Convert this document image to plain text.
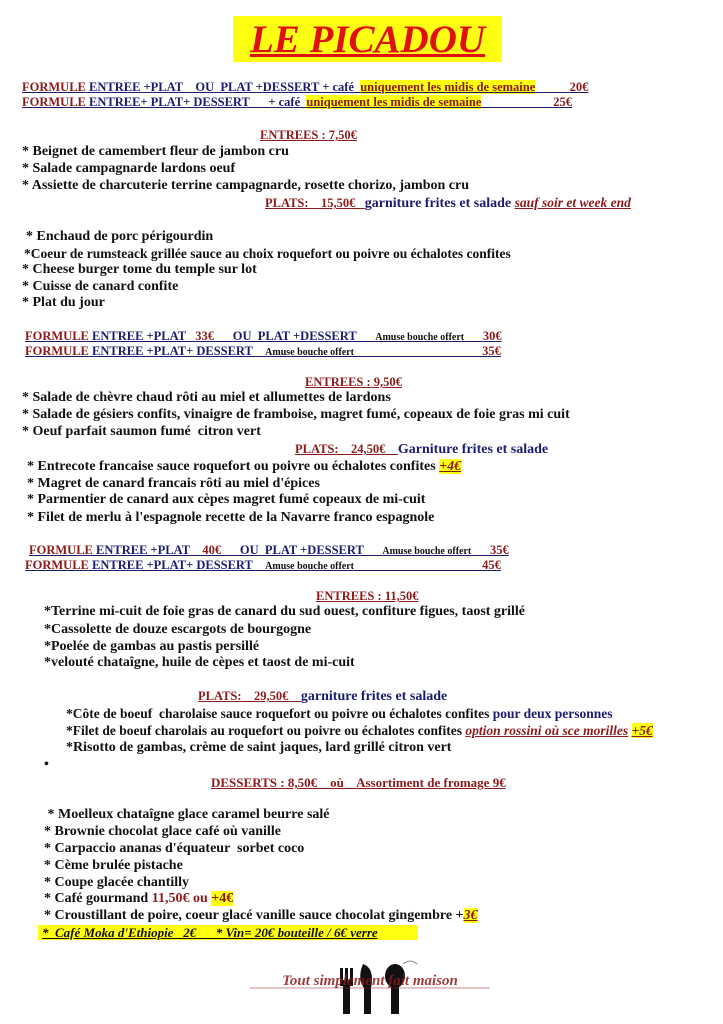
LE PICADOU
FORMULE ENTREE +PLAT    OU  PLAT +DESSERT + café  uniquement les midis de semaine	20€
FORMULE ENTREE+ PLAT+ DESSERT      + café  uniquement les midis de semaine	25€
ENTREES : 7,50€
* Beignet de camembert fleur de jambon cru
* Salade campagnarde lardons oeuf
* Assiette de charcuterie terrine campagnarde, rosette chorizo, jambon cru
PLATS:    15,50€   garniture frites et salade sauf soir et week end
* Enchaud de porc périgourdin
*Coeur de rumsteack grillée sauce au choix roquefort ou poivre ou échalotes confites
* Cheese burger tome du temple sur lot
* Cuisse de canard confite
* Plat du jour
FORMULE ENTREE +PLAT   33€      OU  PLAT +DESSERT      Amuse bouche offert 30€
FORMULE ENTREE +PLAT+ DESSERT    Amuse bouche offert	35€
ENTREES : 9,50€
* Salade de chèvre chaud rôti au miel et allumettes de lardons
* Salade de gésiers confits, vinaigre de framboise, magret fumé, copeaux de foie gras mi cuit
* Oeuf parfait saumon fumé  citron vert
PLATS:    24,50€    Garniture frites et salade
* Entrecote francaise sauce roquefort ou poivre ou échalotes confites +4€
* Magret de canard francais rôti au miel d'épices
* Parmentier de canard aux cèpes magret fumé copeaux de mi-cuit
* Filet de merlu à l'espagnole recette de la Navarre franco espagnole
FORMULE ENTREE +PLAT    40€      OU  PLAT +DESSERT      Amuse bouche offert 35€
FORMULE ENTREE +PLAT+ DESSERT    Amuse bouche offert	45€
ENTREES : 11,50€
*Terrine mi-cuit de foie gras de canard du sud ouest, confiture figues, taost grillé
*Cassolette de douze escargots de bourgogne
*Poelée de gambas au pastis persillé
*velouté chataîgne, huile de cèpes et taost de mi-cuit
PLATS:    29,50€    garniture frites et salade
*Côte de boeuf  charolaise sauce roquefort ou poivre ou échalotes confites pour deux personnes
*Filet de boeuf charolais au roquefort ou poivre ou échalotes confites option rossini où sce morilles +5€
*Risotto de gambas, crème de saint jaques, lard grillé citron vert
•
DESSERTS : 8,50€    où    Assortiment de fromage 9€
* Moelleux chataîgne glace caramel beurre salé
* Brownie chocolat glace café où vanille
* Carpaccio ananas d'équateur  sorbet coco
* Cème brulée pistache
* Coupe glacée chantilly
* Café gourmand 11,50€ ou +4€
* Croustillant de poire, coeur glacé vanille sauce chocolat gingembre +3€
*  Café Moka d'Ethiopie   2€      * Vin= 20€ bouteille / 6€ verre
Tout simplement fait maison
